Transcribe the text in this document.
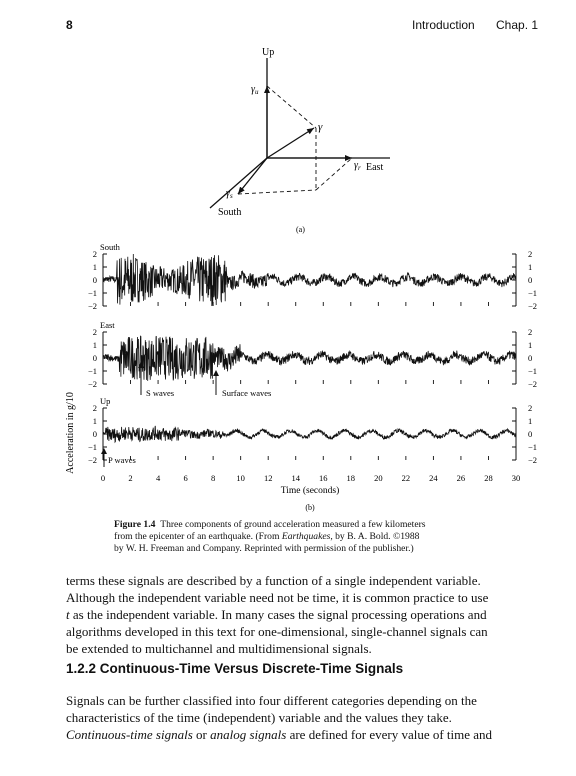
8	Introduction Chap. 1
Up
$\gamma_u$
γ
$\gamma_r$ East
$\gamma_s$
South
(a)
Acceleration in g/10
2	2
1	1
0	0
−1	−1
−2	−2
South
2	2
1	1
0	0
−1	−1
−2	−2
East
2	2
1	1
0	0
−1	−1
−2	−2
Up
0	2	4	6	8 10 12 14 16 18 20 22 24 26 28 30
Time (seconds)
(b)
S waves	Surface waves
P waves
Figure 1.4 Three components of ground acceleration measured a few kilometers
from the epicenter of an earthquake. (From Earthquakes, by B. A. Bold. ©1988
by W. H. Freeman and Company. Reprinted with permission of the publisher.)
terms these signals are described by a function of a single independent variable.
Although the independent variable need not be time, it is common practice to use
t as the independent variable. In many cases the signal processing operations and
algorithms developed in this text for one-dimensional, single-channel signals can
be extended to multichannel and multidimensional signals.
1.2.2 Continuous-Time Versus Discrete-Time Signals
Signals can be further classified into four different categories depending on the
characteristics of the time (independent) variable and the values they take.
Continuous-time signals or analog signals are defined for every value of time and
